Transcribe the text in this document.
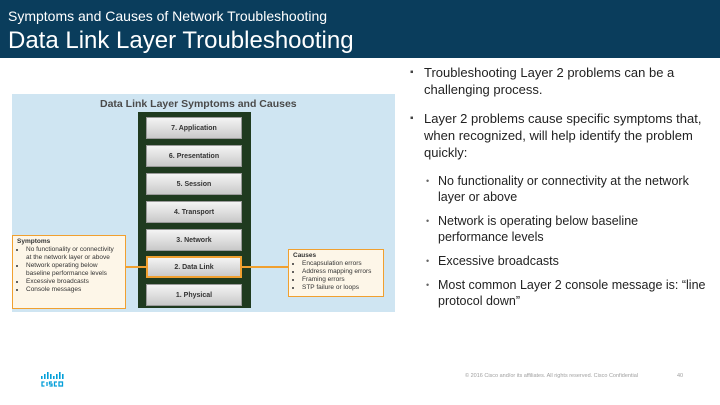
Symptoms and Causes of Network Troubleshooting
Data Link Layer Troubleshooting
Data Link Layer Symptoms and Causes
7. Application
6. Presentation
5. Session
4. Transport
3. Network
2. Data Link
1. Physical
Symptoms
• No functionality or connectivity at the network layer or above
• Network operating below baseline performance levels
• Excessive broadcasts
• Console messages
Causes
• Encapsulation errors
• Address mapping errors
• Framing errors
• STP failure or loops
▪ Troubleshooting Layer 2 problems can be a challenging process.
▪ Layer 2 problems cause specific symptoms that, when recognized, will help identify the problem quickly:
• No functionality or connectivity at the network layer or above
• Network is operating below baseline performance levels
• Excessive broadcasts
• Most common Layer 2 console message is: “line protocol down”
© 2016 Cisco and/or its affiliates. All rights reserved. Cisco Confidential	40
